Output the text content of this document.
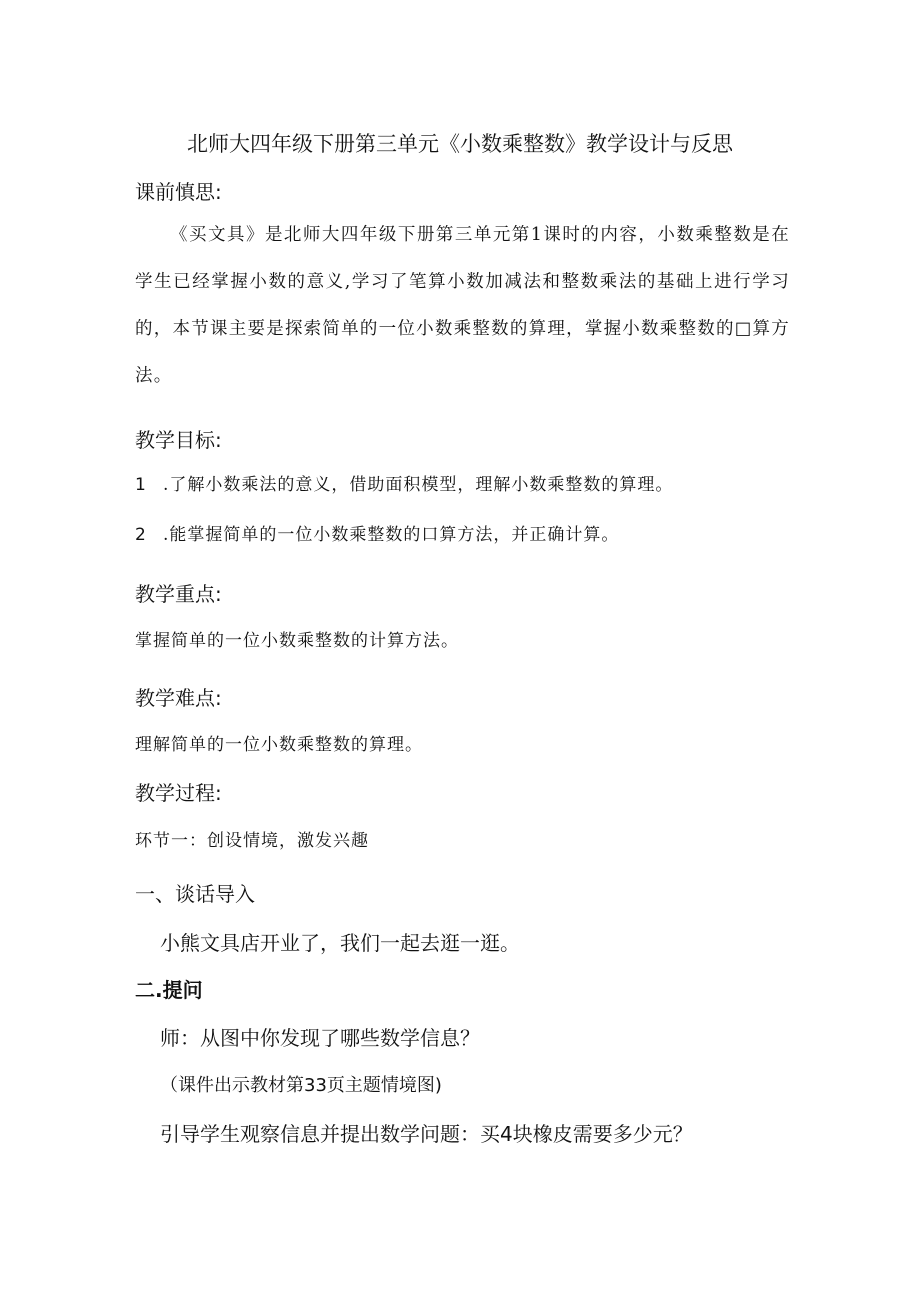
北师大四年级下册第三单元《小数乘整数》教学设计与反思
课前慎思:
《买文具》是北师大四年级下册第三单元第1课时的内容，小数乘整数是在学生已经掌握小数的意义,学习了笔算小数加减法和整数乘法的基础上进行学习的，本节课主要是探索简单的一位小数乘整数的算理，掌握小数乘整数的□算方法。
教学目标:
1 .了解小数乘法的意义，借助面积模型，理解小数乘整数的算理。
2 .能掌握简单的一位小数乘整数的口算方法，并正确计算。
教学重点:
掌握简单的一位小数乘整数的计算方法。
教学难点:
理解简单的一位小数乘整数的算理。
教学过程:
环节一：创设情境，激发兴趣
一、谈话导入
小熊文具店开业了，我们一起去逛一逛。
二.提问
师：从图中你发现了哪些数学信息？
（课件出示教材第33页主题情境图)
引导学生观察信息并提出数学问题：买4块橡皮需要多少元？
